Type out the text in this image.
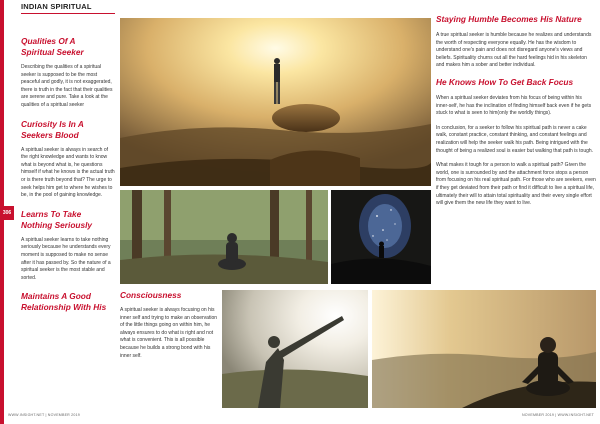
306
INDIAN SPIRITUAL
Qualities Of A
Spiritual Seeker

Describing the qualities of a spiritual seeker is supposed to be the most peaceful and godly, it is not exaggerated, there is truth in the fact that their qualities are serene and pure. Take a look at the qualities of a spiritual seeker

Curiosity Is In A
Seekers Blood

A spiritual seeker is always in search of the right knowledge and wants to know what is beyond what is, he questions himself if what he knows is the actual truth or is there truth beyond that? The urge to seek helps him get to where he wishes to be, in the pool of gaining knowledge.

Learns To Take
Nothing Seriously

A spiritual seeker learns to take nothing seriously because he understands every moment is supposed to make no sense after it has passed by. So the nature of a spiritual seeker is the most stable and sorted.

Maintains A Good
Relationship With His
Consciousness

A spiritual seeker is always focusing on his inner self and trying to make an observation of the little things going on within him, he always ensures to do what is right and not what is convenient. This is all possible because he builds a strong bond with his inner self.

Staying Humble Becomes His Nature

A true spiritual seeker is humble because he realizes and understands the worth of respecting everyone equally. He has the wisdom to understand one's pain and does not disregard anyone's views and beliefs. Spirituality churns out all the hard feelings hid in his skeleton and makes him a sober and better individual.

He Knows How To Get Back Focus

When a spiritual seeker deviates from his focus of being within his inner-self, he has the inclination of finding himself back even if he gets stuck to what is seen to him(only the worldly things).

In conclusion, for a seeker to follow his spiritual path is never a cake walk, constant practice, constant thinking, and constant feelings and realization will help the seeker walk his path. Being intrigued with the thought of being a realized soul is easier but walking that path is tough.

What makes it tough for a person to walk a spiritual path? Given the world, one is surrounded by and the attachment force stops a person from focusing on his real spiritual path. For those who are seekers, even if they get deviated from their path or find it difficult to live a spiritual life, ultimately their will to attain total spirituality and their every single effort will give them the new life they want to live.

WWW.INSIGHT.NET | NOVEMBER 2019	NOVEMBER 2019 | WWW.INSIGHT.NET
